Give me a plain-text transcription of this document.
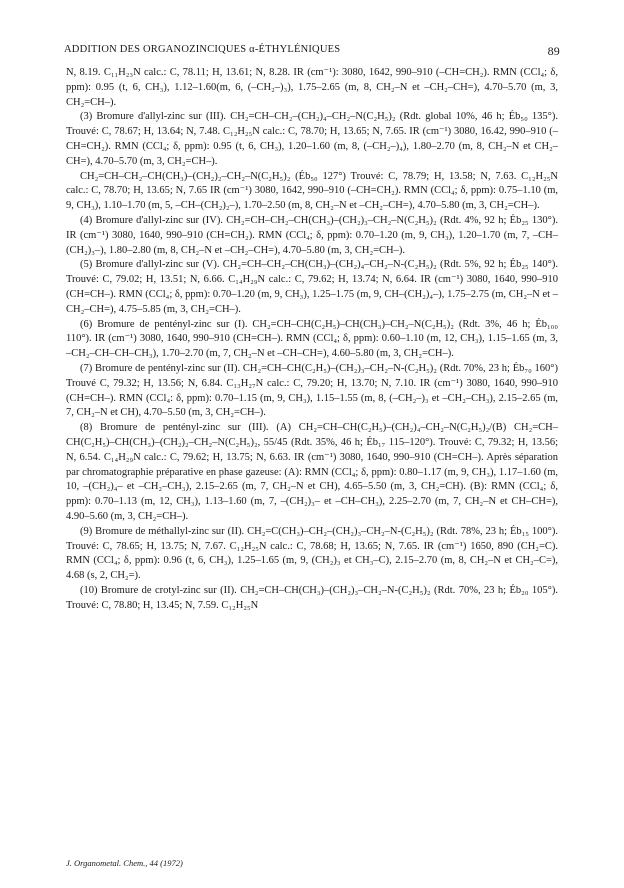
ADDITION DES ORGANOZINCIQUES α-ÉTHYLÉNIQUES	89

N, 8.19. C₁₁H₂₃N calc.: C, 78.11; H, 13.61; N, 8.28. IR (cm⁻¹): 3080, 1642, 990–910 (–CH=CH₂). RMN (CCl₄; δ, ppm): 0.95 (t, 6, CH₃), 1.12–1.60(m, 6, (–CH₂–)₃), 1.75–2.65 (m, 8, CH₂–N et –CH₂–CH=), 4.70–5.70 (m, 3, CH₂=CH–).

(3) Bromure d'allyl-zinc sur (III). CH₂=CH–CH₂–(CH₂)₄–CH₂–N(C₂H₅)₂ (Rdt. global 10%, 46 h; Éb₅₀ 135°). Trouvé: C, 78.67; H, 13.64; N, 7.48. C₁₂H₂₅N calc.: C, 78.70; H, 13.65; N, 7.65. IR (cm⁻¹) 3080, 16.42, 990–910 (–CH=CH₂). RMN (CCl₄; δ, ppm): 0.95 (t, 6, CH₃), 1.20–1.60 (m, 8, (–CH₂–)₄), 1.80–2.70 (m, 8, CH₂–N et CH₂–CH=), 4.70–5.70 (m, 3, CH₂=CH–).

CH₂=CH–CH₂–CH(CH₃)–(CH₂)₂–CH₂–N(C₂H₅)₂ (Éb₅₀ 127°) Trouvé: C, 78.79; H, 13.58; N, 7.63. C₁₂H₂₅N calc.: C, 78.70; H, 13.65; N, 7.65 IR (cm⁻¹) 3080, 1642, 990–910 (–CH=CH₂). RMN (CCl₄; δ, ppm): 0.75–1.10 (m, 9, CH₃), 1.10–1.70 (m, 5, –CH–(CH₂)₂–), 1.70–2.50 (m, 8, CH₂–N et –CH₂–CH=), 4.70–5.80 (m, 3, CH₂=CH–).

(4) Bromure d'allyl-zinc sur (IV). CH₂=CH–CH₂–CH(CH₃)–(CH₂)₃–CH₂–N(C₂H₅)₂ (Rdt. 4%, 92 h; Éb₂₅ 130°). IR (cm⁻¹) 3080, 1640, 990–910 (CH=CH₂). RMN (CCl₄; δ, ppm): 0.70–1.20 (m, 9, CH₃), 1.20–1.70 (m, 7, –CH–(CH₂)₃–), 1.80–2.80 (m, 8, CH₂–N et –CH₂–CH=), 4.70–5.80 (m, 3, CH₂=CH–).

(5) Bromure d'allyl-zinc sur (V). CH₂=CH–CH₂–CH(CH₃)–(CH₂)₄–CH₂–N-(C₂H₅)₂ (Rdt. 5%, 92 h; Éb₂₅ 140°). Trouvé: C, 79.02; H, 13.51; N, 6.66. C₁₄H₂₉N calc.: C, 79.62; H, 13.74; N, 6.64. IR (cm⁻¹) 3080, 1640, 990–910 (CH=CH–). RMN (CCl₄; δ, ppm): 0.70–1.20 (m, 9, CH₃), 1.25–1.75 (m, 9, CH–(CH₂)₄–), 1.75–2.75 (m, CH₂–N et –CH₂–CH=), 4.75–5.85 (m, 3, CH₂=CH–).

(6) Bromure de pentényl-zinc sur (I). CH₂=CH–CH(C₂H₅)–CH(CH₃)–CH₂–N(C₂H₅)₂ (Rdt. 3%, 46 h; Éb₁₀₀ 110°). IR (cm⁻¹) 3080, 1640, 990–910 (CH=CH–). RMN (CCl₄; δ, ppm): 0.60–1.10 (m, 12, CH₃), 1.15–1.65 (m, 3, –CH₂–CH–CH–CH₃), 1.70–2.70 (m, 7, CH₂–N et –CH–CH=), 4.60–5.80 (m, 3, CH₂=CH–).

(7) Bromure de pentényl-zinc sur (II). CH₂=CH–CH(C₂H₅)–(CH₂)₃–CH₂–N-(C₂H₅)₂ (Rdt. 70%, 23 h; Éb₇₀ 160°) Trouvé C, 79.32; H, 13.56; N, 6.84. C₁₃H₂₇N calc.: C, 79.20; H, 13.70; N, 7.10. IR (cm⁻¹) 3080, 1640, 990–910 (CH=CH–). RMN (CCl₄: δ, ppm): 0.70–1.15 (m, 9, CH₃), 1.15–1.55 (m, 8, (–CH₂–)₃ et –CH₂–CH₃), 2.15–2.65 (m, 7, CH₂–N et CH), 4.70–5.50 (m, 3, CH₂=CH–).

(8) Bromure de pentényl-zinc sur (III). (A) CH₂=CH–CH(C₂H₅)–(CH₂)₄–CH₂–N(C₂H₅)₂/(B) CH₂=CH–CH(C₂H₅)–CH(CH₃)–(CH₂)₂–CH₂–N(C₂H₅)₂, 55/45 (Rdt. 35%, 46 h; Éb₁₇ 115–120°). Trouvé: C, 79.32; H, 13.56; N, 6.54. C₁₄H₂₉N calc.: C, 79.62; H, 13.75; N, 6.63. IR (cm⁻¹) 3080, 1640, 990–910 (CH=CH–). Après séparation par chromatographie préparative en phase gazeuse: (A): RMN (CCl₄; δ, ppm): 0.80–1.17 (m, 9, CH₃), 1.17–1.60 (m, 10, –(CH₂)₄– et –CH₂–CH₃), 2.15–2.65 (m, 7, CH₂–N et CH), 4.65–5.50 (m, 3, CH₂=CH). (B): RMN (CCl₄; δ, ppm): 0.70–1.13 (m, 12, CH₃), 1.13–1.60 (m, 7, –(CH₂)₃– et –CH–CH₃), 2.25–2.70 (m, 7, CH₂–N et CH–CH=), 4.90–5.60 (m, 3, CH₂=CH–).

(9) Bromure de méthallyl-zinc sur (II). CH₂=C(CH₃)–CH₂–(CH₂)₃–CH₂–N-(C₂H₅)₂ (Rdt. 78%, 23 h; Éb₁₅ 100°). Trouvé: C, 78.65; H, 13.75; N, 7.67. C₁₂H₂₅N calc.: C, 78.68; H, 13.65; N, 7.65. IR (cm⁻¹) 1650, 890 (CH₂=C). RMN (CCl₄; δ, ppm): 0.96 (t, 6, CH₃), 1.25–1.65 (m, 9, (CH₂)₃ et CH₃–C), 2.15–2.70 (m, 8, CH₂–N et CH₂–C=), 4.68 (s, 2, CH₂=).

(10) Bromure de crotyl-zinc sur (II). CH₂=CH–CH(CH₃)–(CH₂)₃–CH₂–N-(C₂H₅)₂ (Rdt. 70%, 23 h; Éb₂₀ 105°). Trouvé: C, 78.80; H, 13.45; N, 7.59. C₁₂H₂₅N

J. Organometal. Chem., 44 (1972)
